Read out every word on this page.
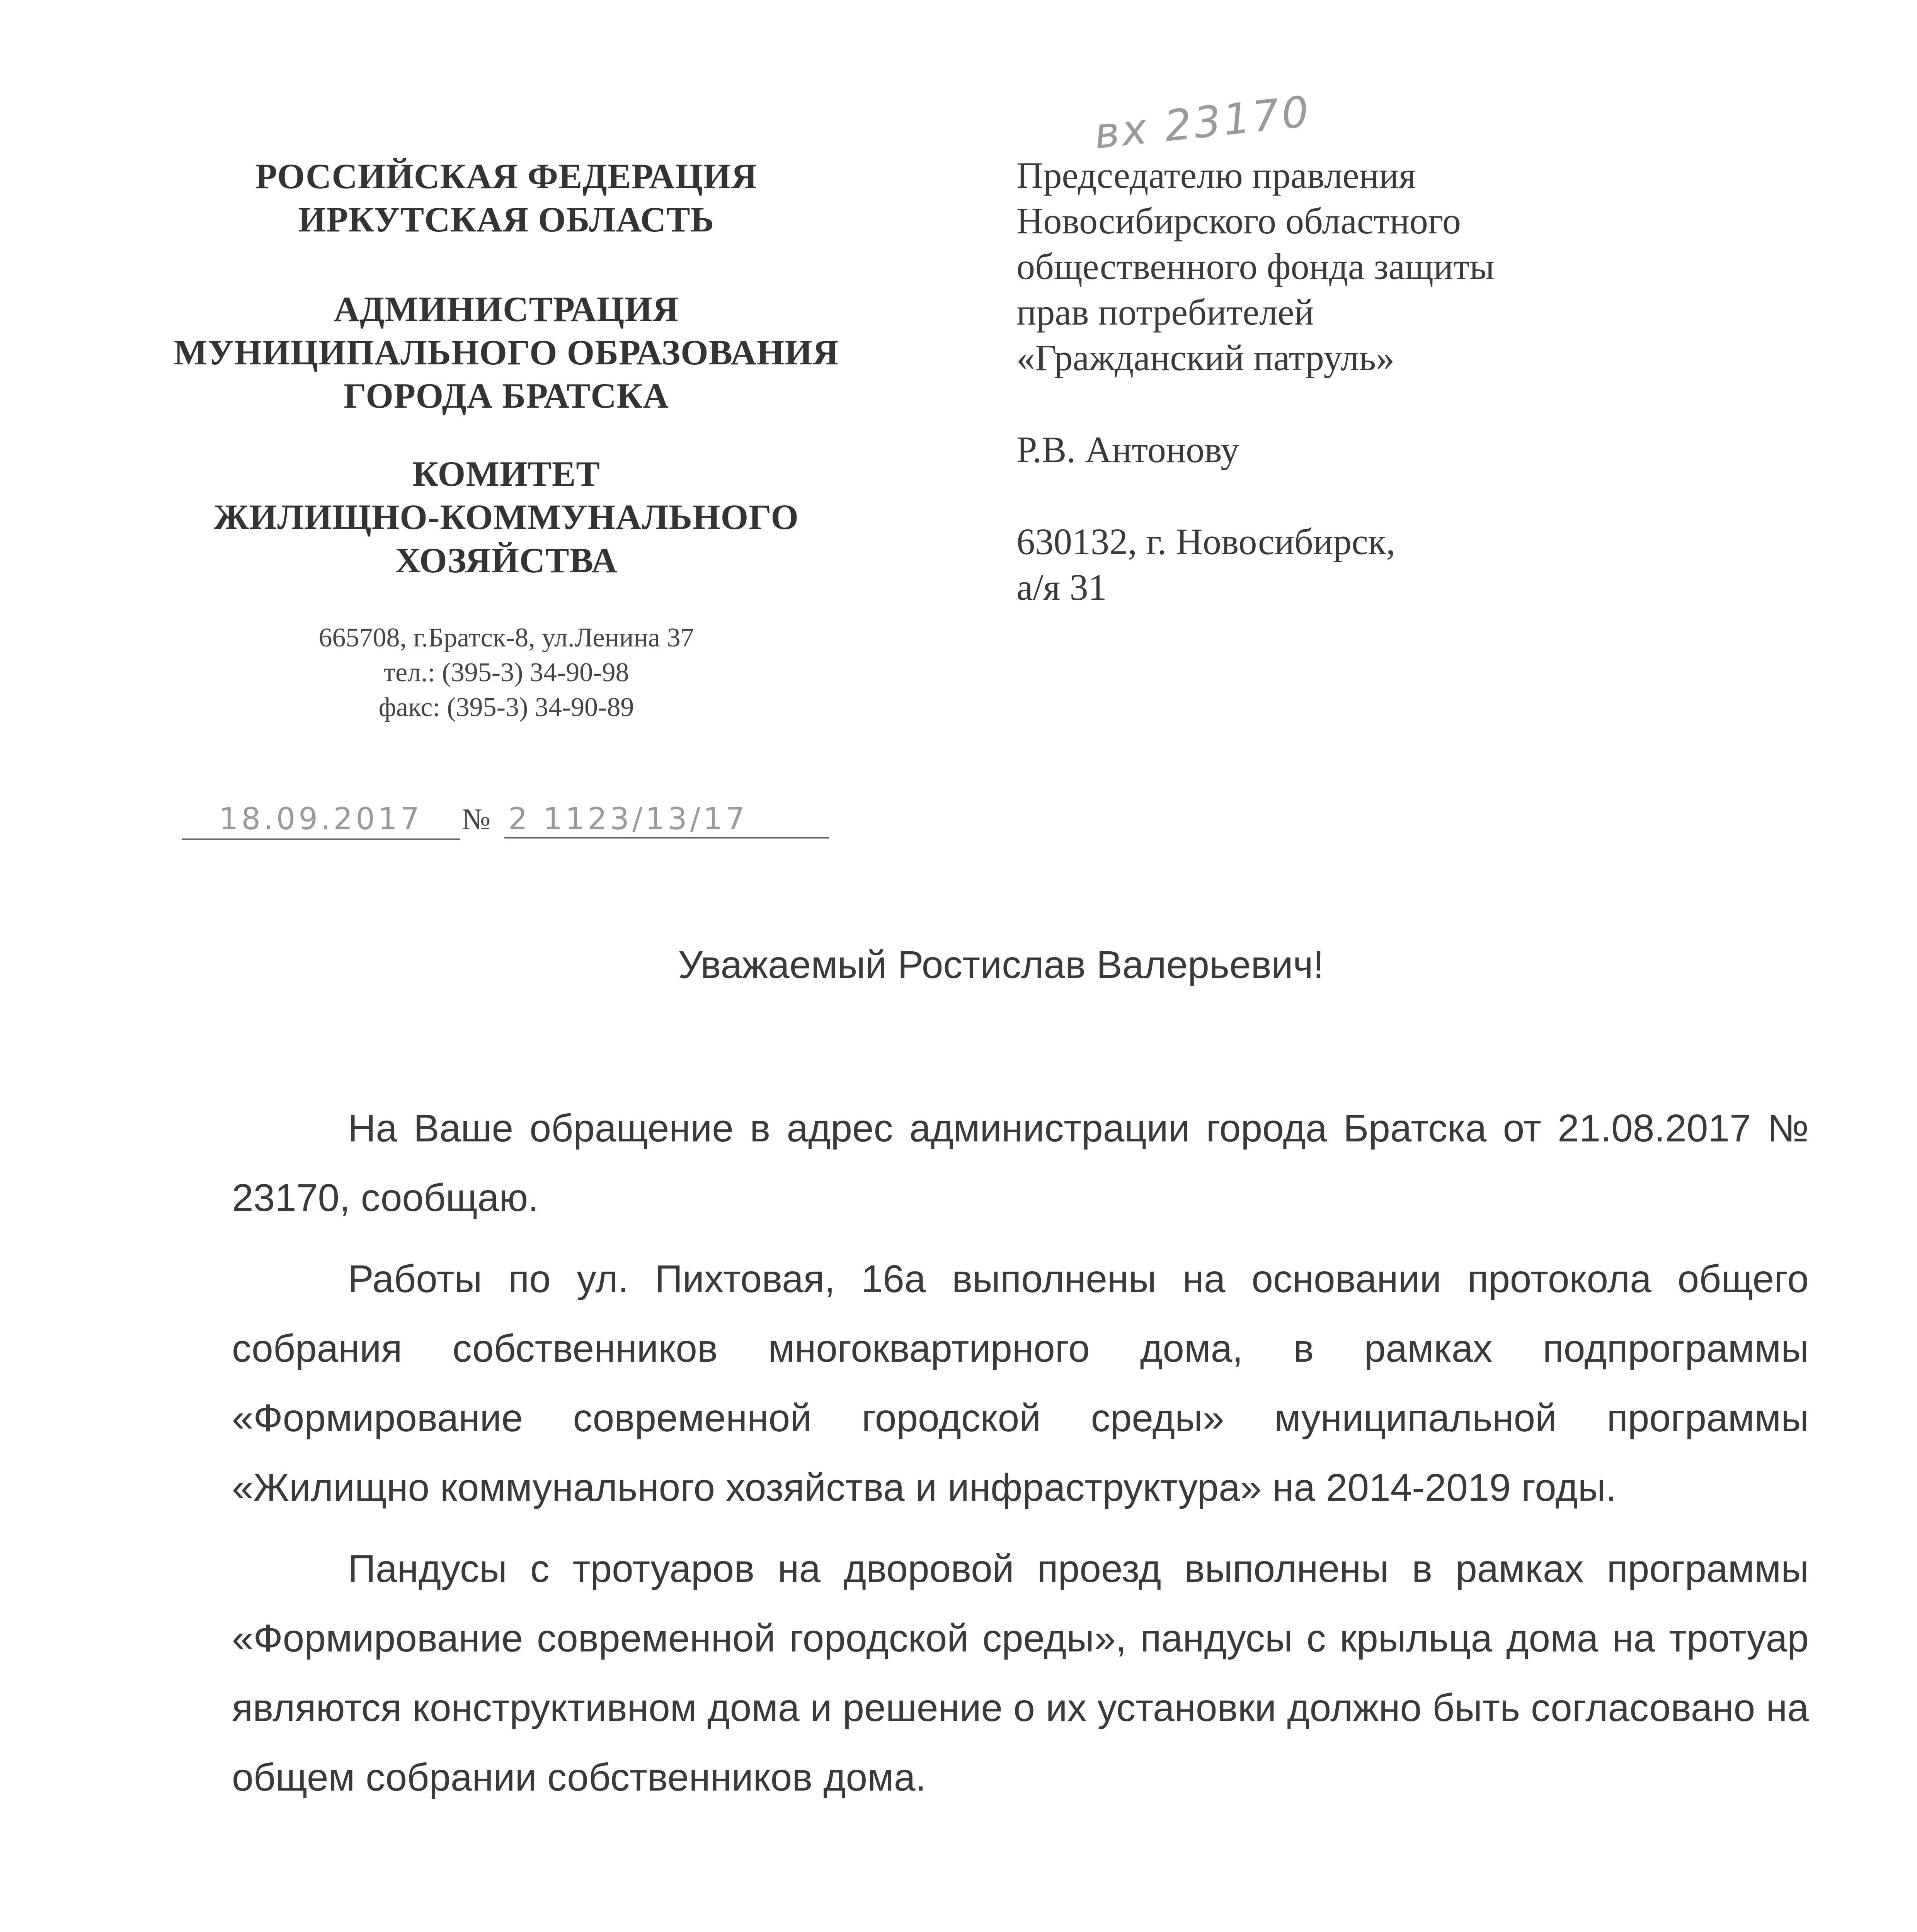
РОССИЙСКАЯ ФЕДЕРАЦИЯ
ИРКУТСКАЯ ОБЛАСТЬ
АДМИНИСТРАЦИЯ
МУНИЦИПАЛЬНОГО ОБРАЗОВАНИЯ
ГОРОДА БРАТСКА
КОМИТЕТ
ЖИЛИЩНО-КОММУНАЛЬНОГО
ХОЗЯЙСТВА
665708, г.Братск-8, ул.Ленина 37
тел.: (395-3) 34-90-98
факс: (395-3) 34-90-89
18.09.2017	№ 2 1123/13/17
вх 23170
Председателю правления
Новосибирского областного
общественного фонда защиты
прав потребителей
«Гражданский патруль»
Р.В. Антонову
630132, г. Новосибирск,
а/я 31
Уважаемый Ростислав Валерьевич!

На Ваше обращение в адрес администрации города Братска от 21.08.2017 № 23170, сообщаю.

Работы по ул. Пихтовая, 16а выполнены на основании протокола общего собрания собственников многоквартирного дома, в рамках подпрограммы «Формирование современной городской среды» муниципальной программы «Жилищно коммунального хозяйства и инфраструктура» на 2014-2019 годы.

Пандусы с тротуаров на дворовой проезд выполнены в рамках программы «Формирование современной городской среды», пандусы с крыльца дома на тротуар являются конструктивном дома и решение о их установки должно быть согласовано на общем собрании собственников дома.
